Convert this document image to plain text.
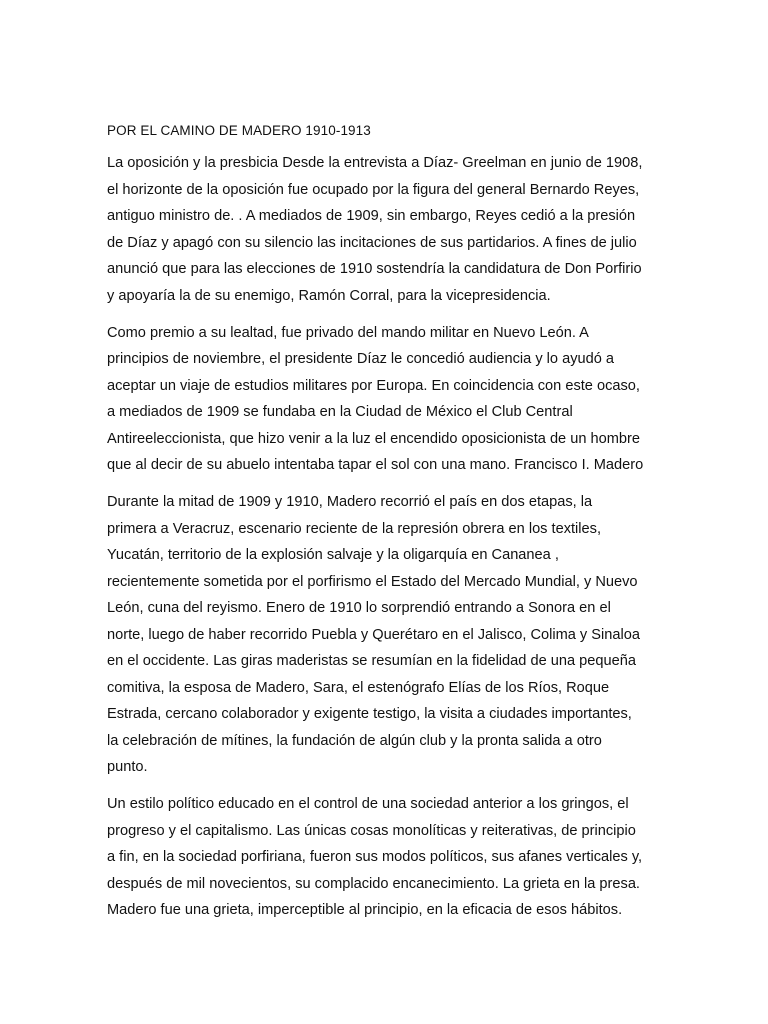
POR EL CAMINO DE MADERO 1910-1913

La oposición y la presbicia Desde la entrevista a Díaz- Greelman en junio de 1908,
el horizonte de la oposición fue ocupado por la figura del general Bernardo Reyes,
antiguo ministro de. . A mediados de 1909, sin embargo, Reyes cedió a la presión
de Díaz y apagó con su silencio las incitaciones de sus partidarios. A fines de julio
anunció que para las elecciones de 1910 sostendría la candidatura de Don Porfirio
y apoyaría la de su enemigo, Ramón Corral, para la vicepresidencia.

Como premio a su lealtad, fue privado del mando militar en Nuevo León. A
principios de noviembre, el presidente Díaz le concedió audiencia y lo ayudó a
aceptar un viaje de estudios militares por Europa. En coincidencia con este ocaso,
a mediados de 1909 se fundaba en la Ciudad de México el Club Central
Antireeleccionista, que hizo venir a la luz el encendido oposicionista de un hombre
que al decir de su abuelo intentaba tapar el sol con una mano. Francisco I. Madero

Durante la mitad de 1909 y 1910, Madero recorrió el país en dos etapas, la
primera a Veracruz, escenario reciente de la represión obrera en los textiles,
Yucatán, territorio de la explosión salvaje y la oligarquía en Cananea ,
recientemente sometida por el porfirismo el Estado del Mercado Mundial, y Nuevo
León, cuna del reyismo. Enero de 1910 lo sorprendió entrando a Sonora en el
norte, luego de haber recorrido Puebla y Querétaro en el Jalisco, Colima y Sinaloa
en el occidente. Las giras maderistas se resumían en la fidelidad de una pequeña
comitiva, la esposa de Madero, Sara, el estenógrafo Elías de los Ríos, Roque
Estrada, cercano colaborador y exigente testigo, la visita a ciudades importantes,
la celebración de mítines, la fundación de algún club y la pronta salida a otro
punto.

Un estilo político educado en el control de una sociedad anterior a los gringos, el
progreso y el capitalismo. Las únicas cosas monolíticas y reiterativas, de principio
a fin, en la sociedad porfiriana, fueron sus modos políticos, sus afanes verticales y,
después de mil novecientos, su complacido encanecimiento. La grieta en la presa.
Madero fue una grieta, imperceptible al principio, en la eficacia de esos hábitos.
